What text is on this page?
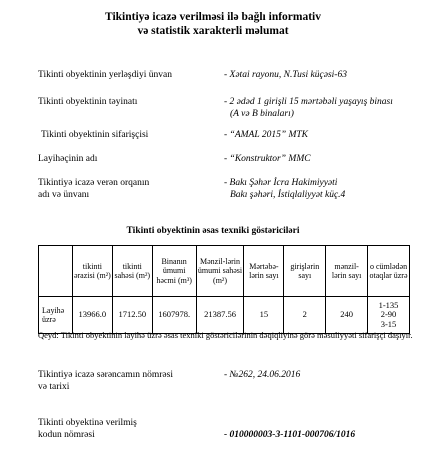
Tikintiyə icazə verilməsi ilə bağlı informativ
və statistik xarakterli məlumat
Tikinti obyektinin yerləşdiyi ünvan	- Xətai rayonu, N.Tusi küçəsi-63
Tikinti obyektinin təyinatı	- 2 ədəd 1 girişli 15 mərtəbəli yaşayış binası
(A və B binaları)
Tikinti obyektinin sifarişçisi	- “AMAL 2015” MTK
Layihəçinin adı	- “Konstruktor” MMC
Tikintiyə icazə verən orqanın
adı və ünvanı
- Bakı Şəhər İcra Hakimiyyəti
Bakı şəhəri, İstiqlaliyyət küç.4
Tikinti obyektinin əsas texniki göstəriciləri
	tikinti ərazisi (m²)	tikinti sahəsi (m²)	Binanın ümumi həcmi (m³)	Mənzil-lərin ümumi sahəsi (m²)	Mərtəbə-lərin sayı	girişlərin sayı	mənzil-lərin sayı	o cümlədən otaqlar üzrə
Layihə üzrə	13966.0	1712.50	1607978.	21387.56	15	2	240	1-135
2-90
3-15
Qeyd: Tikinti obyektinin layihə üzrə əsas texniki göstəricilərinin dəqiqliyinə görə məsuliyyəti sifarişçi daşıyır.
Tikintiyə icazə sərəncamın nömrəsi
və tarixi
- №262, 24.06.2016
Tikinti obyektinə verilmiş
kodun nömrəsi	- 010000003-3-1101-000706/1016
